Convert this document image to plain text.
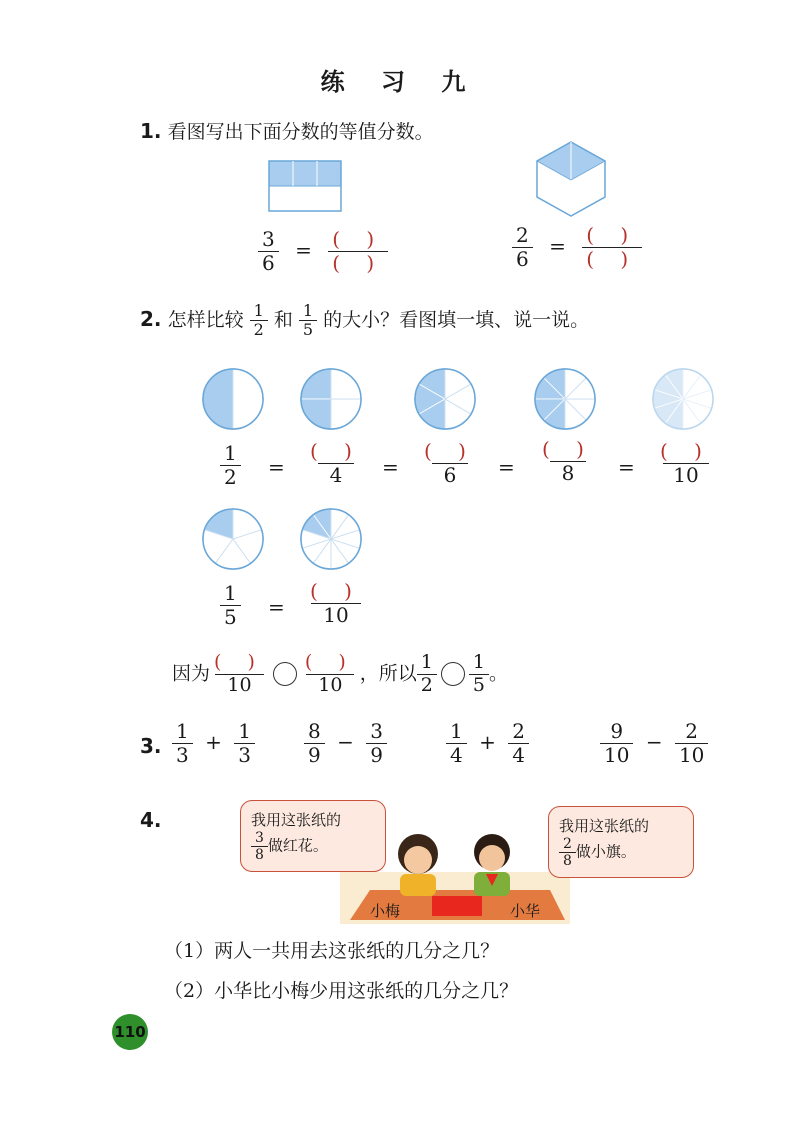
练 习 九
1. 看图写出下面分数的等值分数。
$\frac{3}{6} = \frac{( )}{( )}$	$\frac{2}{6} = \frac{( )}{( )}$
2. 怎样比较 $\frac{1}{2}$ 和 $\frac{1}{5}$ 的大小？看图填一填、说一说。
$\frac{1}{2} = \frac{( )}{4} = \frac{( )}{6} = \frac{( )}{8} = \frac{( )}{10}$
$\frac{1}{5} = \frac{( )}{10}$
因为 $\frac{( )}{10} \frac{( )}{10}$ ，所以 $\frac{1}{2} \frac{1}{5}$ 。
3. $\frac{1}{3} + \frac{1}{3} \frac{8}{9} - \frac{3}{9}$	$\frac{1}{4} + \frac{2}{4}$	$\frac{9}{10} - \frac{2}{10}$
4.	我用这张纸的
$\frac{3}{8}$ 做红花。
我用这张纸的
$\frac{2}{8}$ 做小旗。
小梅	小华
（1）两人一共用去这张纸的几分之几？
（2）小华比小梅少用这张纸的几分之几？
110
